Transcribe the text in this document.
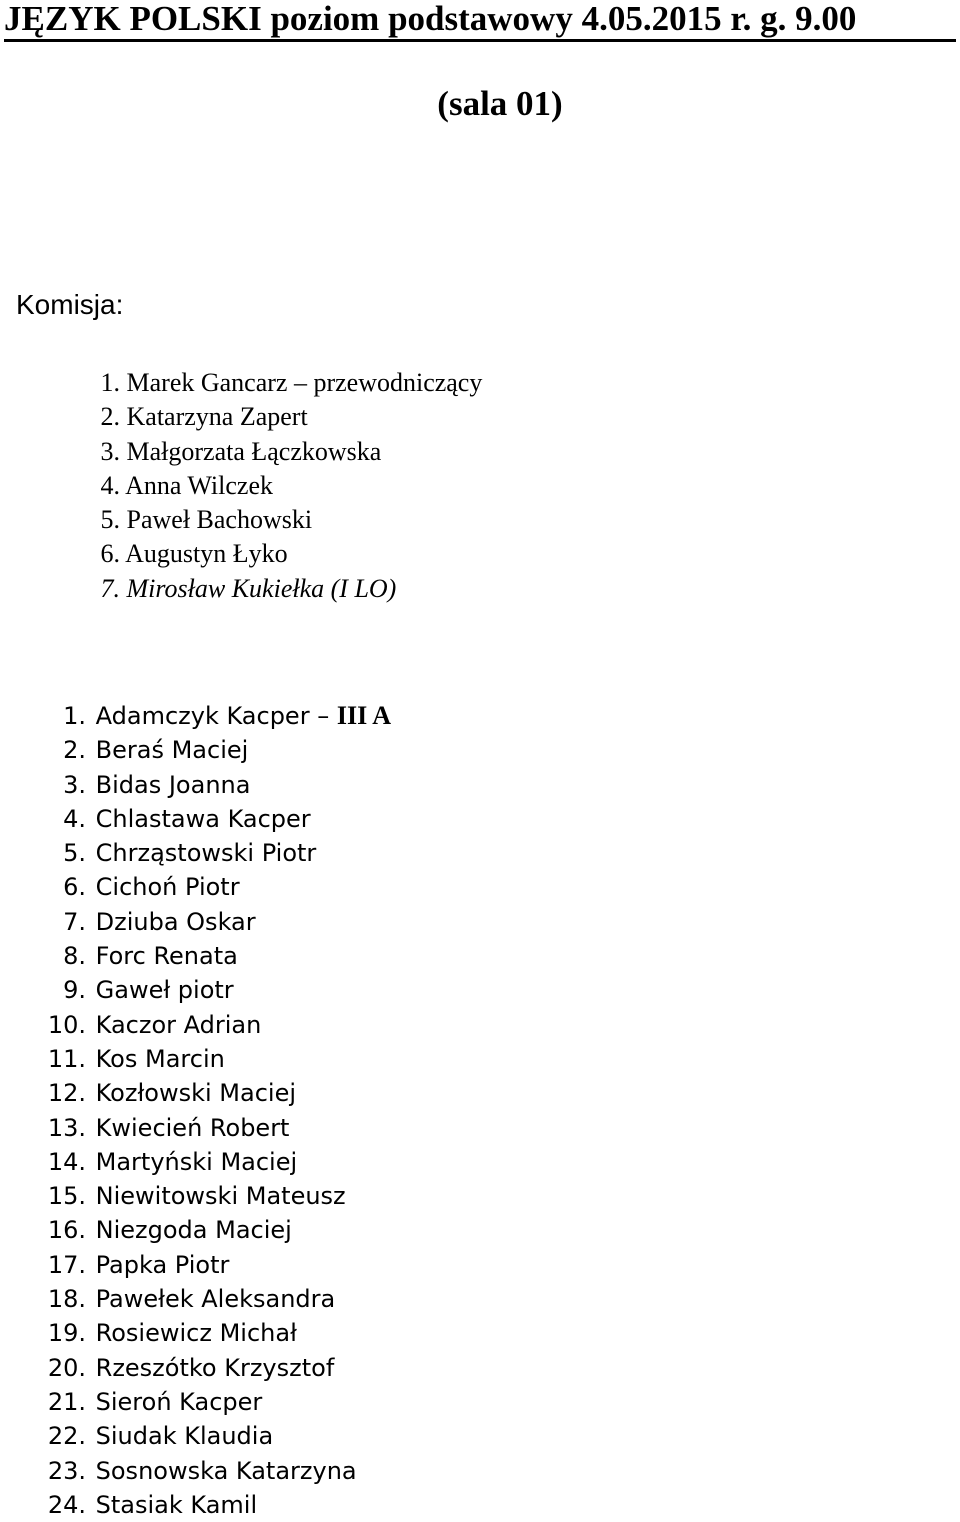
JĘZYK POLSKI poziom podstawowy 4.05.2015 r. g. 9.00
(sala 01)
Komisja:
1. Marek Gancarz – przewodniczący
2. Katarzyna Zapert
3. Małgorzata Łączkowska
4. Anna Wilczek
5. Paweł Bachowski
6. Augustyn Łyko
7. Mirosław Kukiełka (I LO)
1. Adamczyk Kacper – III A
2. Beraś Maciej
3. Bidas Joanna
4. Chlastawa Kacper
5. Chrząstowski Piotr
6. Cichoń Piotr
7. Dziuba Oskar
8. Forc Renata
9. Gaweł piotr
10. Kaczor Adrian
11. Kos Marcin
12. Kozłowski Maciej
13. Kwiecień Robert
14. Martyński Maciej
15. Niewitowski Mateusz
16. Niezgoda Maciej
17. Papka Piotr
18. Pawełek Aleksandra
19. Rosiewicz Michał
20. Rzeszótko Krzysztof
21. Sieroń Kacper
22. Siudak Klaudia
23. Sosnowska Katarzyna
24. Stasiak Kamil
